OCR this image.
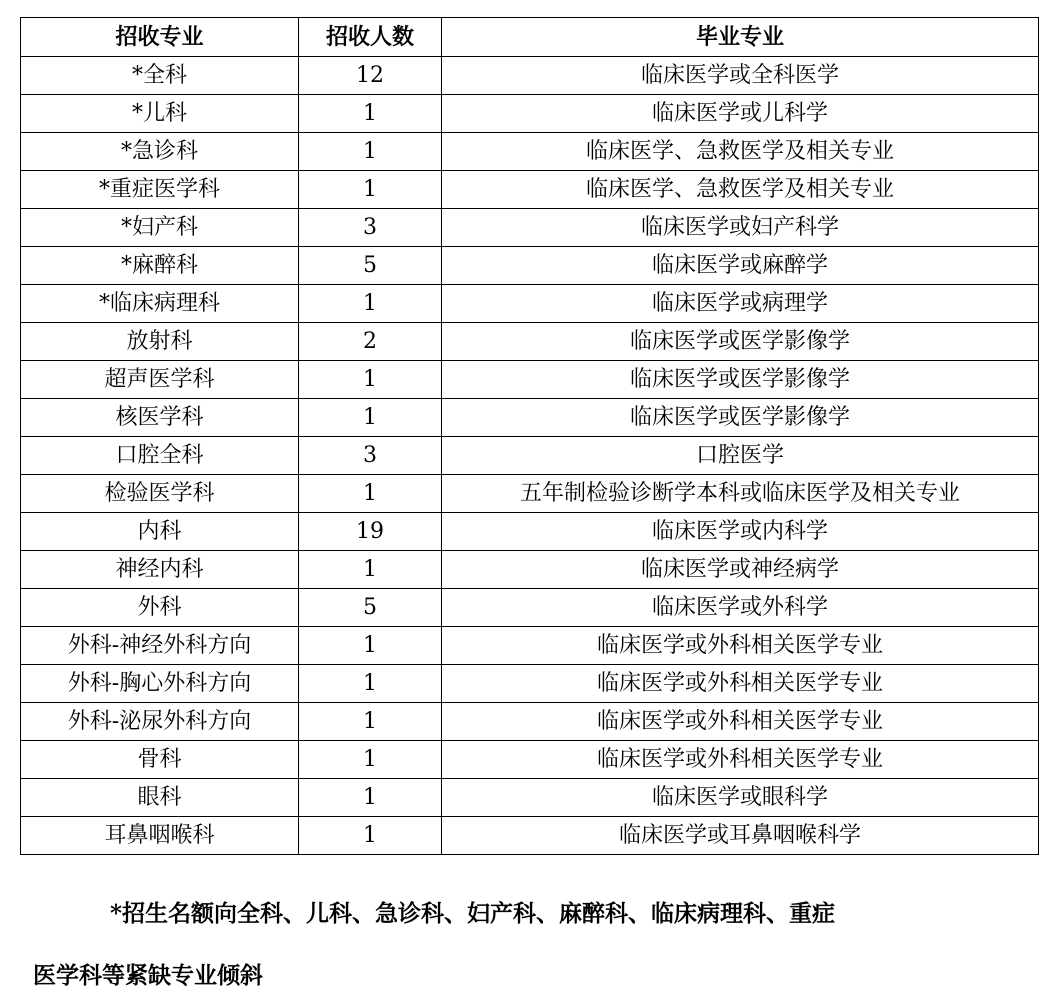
招收专业	招收人数	毕业专业
*全科	12	临床医学或全科医学
*儿科	1	临床医学或儿科学
*急诊科	1	临床医学、急救医学及相关专业
*重症医学科	1	临床医学、急救医学及相关专业
*妇产科	3	临床医学或妇产科学
*麻醉科	5	临床医学或麻醉学
*临床病理科	1	临床医学或病理学
放射科	2	临床医学或医学影像学
超声医学科	1	临床医学或医学影像学
核医学科	1	临床医学或医学影像学
口腔全科	3	口腔医学
检验医学科	1	五年制检验诊断学本科或临床医学及相关专业
内科	19	临床医学或内科学
神经内科	1	临床医学或神经病学
外科	5	临床医学或外科学
外科-神经外科方向	1	临床医学或外科相关医学专业
外科-胸心外科方向	1	临床医学或外科相关医学专业
外科-泌尿外科方向	1	临床医学或外科相关医学专业
骨科	1	临床医学或外科相关医学专业
眼科	1	临床医学或眼科学
耳鼻咽喉科	1	临床医学或耳鼻咽喉科学
*招生名额向全科、儿科、急诊科、妇产科、麻醉科、临床病理科、重症
医学科等紧缺专业倾斜
